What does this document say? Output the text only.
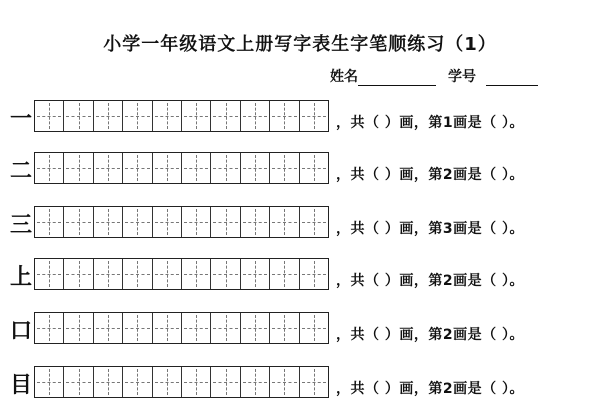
小学一年级语文上册写字表生字笔顺练习（1）
姓名	学号
一	，共（ ）画，第1画是（ ）。
二	，共（ ）画，第2画是（ ）。
三	，共（ ）画，第3画是（ ）。
上	，共（ ）画，第2画是（ ）。
口	，共（ ）画，第2画是（ ）。
目	，共（ ）画，第2画是（ ）。
